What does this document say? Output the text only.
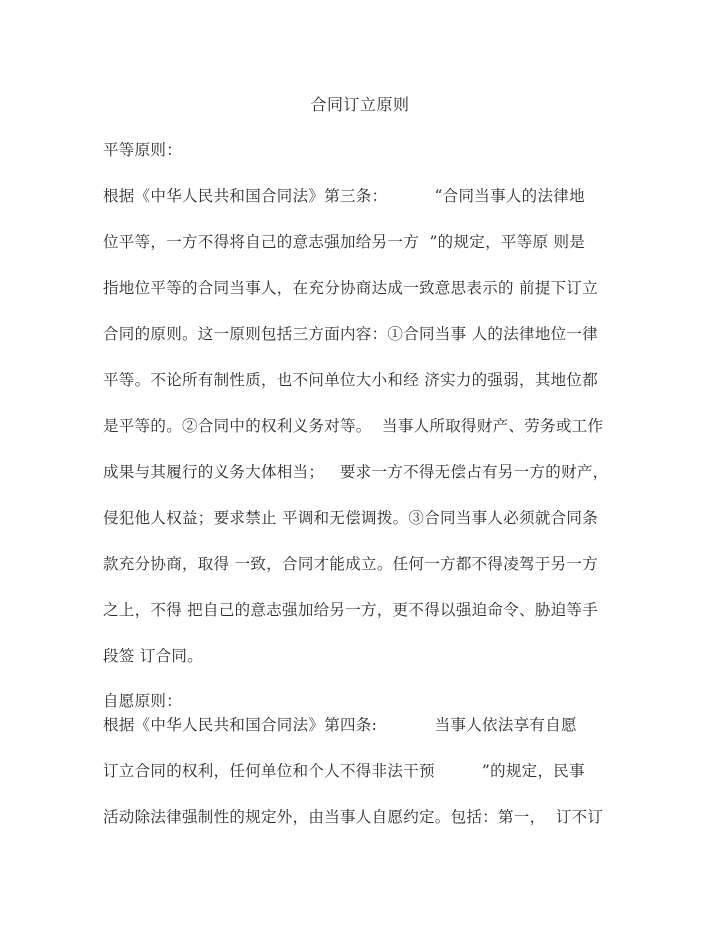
合同订立原则
平等原则：
根据《中华人民共和国合同法》第三条：         “合同当事人的法律地
位平等，一方不得将自己的意志强加给另一方  ”的规定，平等原 则是
指地位平等的合同当事人，在充分协商达成一致意思表示的 前提下订立
合同的原则。这一原则包括三方面内容：①合同当事 人的法律地位一律
平等。不论所有制性质，也不问单位大小和经 济实力的强弱，其地位都
是平等的。②合同中的权利义务对等。  当事人所取得财产、劳务或工作
成果与其履行的义务大体相当；   要求一方不得无偿占有另一方的财产，
侵犯他人权益；要求禁止 平调和无偿调拨。③合同当事人必须就合同条
款充分协商，取得 一致，合同才能成立。任何一方都不得凌驾于另一方
之上，不得 把自己的意志强加给另一方，更不得以强迫命令、胁迫等手
段签 订合同。
自愿原则：
根据《中华人民共和国合同法》第四条:           当事人依法享有自愿
订立合同的权利，任何单位和个人不得非法干预         ”的规定，民事
活动除法律强制性的规定外，由当事人自愿约定。包括：第一，  订不订
